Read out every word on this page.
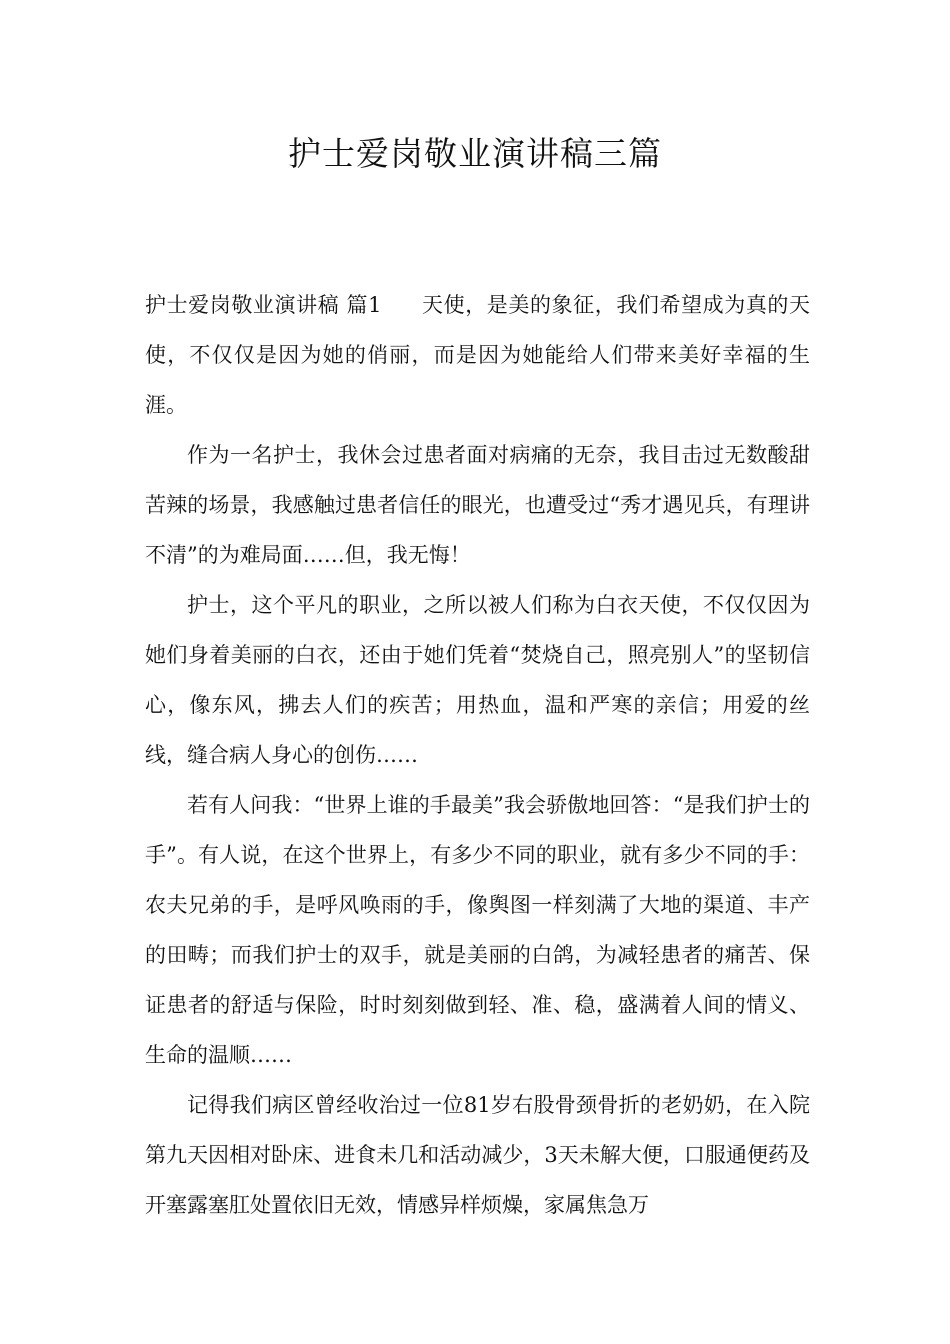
护士爱岗敬业演讲稿三篇

护士爱岗敬业演讲稿 篇1 天使，是美的象征，我们希望成为真的天使，不仅仅是因为她的俏丽，而是因为她能给人们带来美好幸福的生涯。

作为一名护士，我休会过患者面对病痛的无奈，我目击过无数酸甜苦辣的场景，我感触过患者信任的眼光，也遭受过“秀才遇见兵，有理讲不清”的为难局面……但，我无悔！

护士，这个平凡的职业，之所以被人们称为白衣天使，不仅仅因为她们身着美丽的白衣，还由于她们凭着“焚烧自己，照亮别人”的坚韧信心，像东风，拂去人们的疾苦；用热血，温和严寒的亲信；用爱的丝线，缝合病人身心的创伤……

若有人问我：“世界上谁的手最美”我会骄傲地回答：“是我们护士的手”。有人说，在这个世界上，有多少不同的职业，就有多少不同的手：农夫兄弟的手，是呼风唤雨的手，像舆图一样刻满了大地的渠道、丰产的田畴；而我们护士的双手，就是美丽的白鸽，为减轻患者的痛苦、保证患者的舒适与保险，时时刻刻做到轻、准、稳，盛满着人间的情义、生命的温顺……

记得我们病区曾经收治过一位81岁右股骨颈骨折的老奶奶，在入院第九天因相对卧床、进食未几和活动减少，3天未解大便，口服通便药及开塞露塞肛处置依旧无效，情感异样烦燥，家属焦急万
